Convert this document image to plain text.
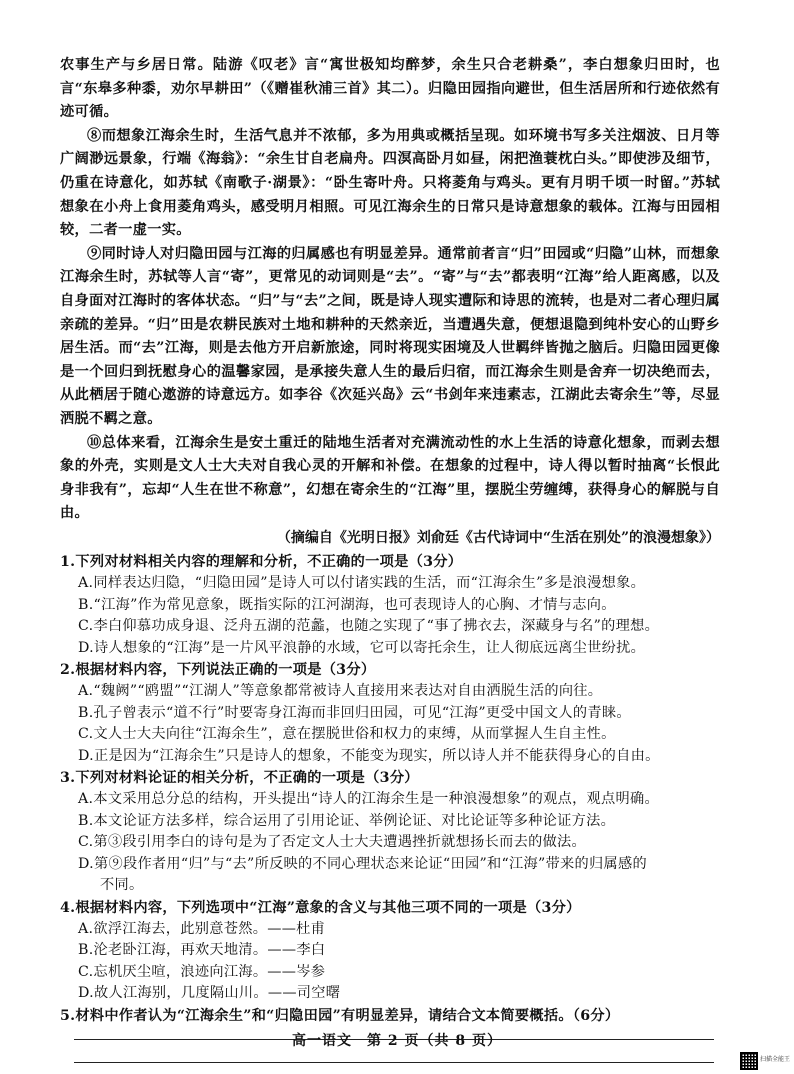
农事生产与乡居日常。陆游《叹老》言“寓世极知均醉梦，余生只合老耕桑”，李白想象归田时，也言“东皋多种黍，劝尔早耕田”（《赠崔秋浦三首》其二）。归隐田园指向避世，但生活居所和行迹依然有迹可循。

⑧而想象江海余生时，生活气息并不浓郁，多为用典或概括呈现。如环境书写多关注烟波、日月等广阔渺远景象，行端《海翁》：“余生甘自老扁舟。四溟高卧月如昼，闲把渔蓑枕白头。”即使涉及细节，仍重在诗意化，如苏轼《南歌子·湖景》：“卧生寄叶舟。只将菱角与鸡头。更有月明千顷一时留。”苏轼想象在小舟上食用菱角鸡头，感受明月相照。可见江海余生的日常只是诗意想象的载体。江海与田园相较，二者一虚一实。

⑨同时诗人对归隐田园与江海的归属感也有明显差异。通常前者言“归”田园或“归隐”山林，而想象江海余生时，苏轼等人言“寄”，更常见的动词则是“去”。“寄”与“去”都表明“江海”给人距离感，以及自身面对江海时的客体状态。“归”与“去”之间，既是诗人现实遭际和诗思的流转，也是对二者心理归属亲疏的差异。“归”田是农耕民族对土地和耕种的天然亲近，当遭遇失意，便想退隐到纯朴安心的山野乡居生活。而“去”江海，则是去他方开启新旅途，同时将现实困境及人世羁绊皆抛之脑后。归隐田园更像是一个回归到抚慰身心的温馨家园，是承接失意人生的最后归宿，而江海余生则是舍弃一切决绝而去，从此栖居于随心遨游的诗意远方。如李谷《次延兴岛》云“书剑年来违素志，江湖此去寄余生”等，尽显洒脱不羁之意。

⑩总体来看，江海余生是安土重迁的陆地生活者对充满流动性的水上生活的诗意化想象，而剥去想象的外壳，实则是文人士大夫对自我心灵的开解和补偿。在想象的过程中，诗人得以暂时抽离“长恨此身非我有”，忘却“人生在世不称意”，幻想在寄余生的“江海”里，摆脱尘劳缠缚，获得身心的解脱与自由。

（摘编自《光明日报》刘俞廷《古代诗词中“生活在别处”的浪漫想象》）

1.下列对材料相关内容的理解和分析，不正确的一项是（3分）

A.同样表达归隐，“归隐田园”是诗人可以付诸实践的生活，而“江海余生”多是浪漫想象。

B.“江海”作为常见意象，既指实际的江河湖海，也可表现诗人的心胸、才情与志向。

C.李白仰慕功成身退、泛舟五湖的范蠡，也随之实现了“事了拂衣去，深藏身与名”的理想。

D.诗人想象的“江海”是一片风平浪静的水域，它可以寄托余生，让人彻底远离尘世纷扰。

2.根据材料内容，下列说法正确的一项是（3分）

A.“魏阙”“鸥盟”“江湖人”等意象都常被诗人直接用来表达对自由洒脱生活的向往。

B.孔子曾表示“道不行”时要寄身江海而非回归田园，可见“江海”更受中国文人的青睐。

C.文人士大夫向往“江海余生”，意在摆脱世俗和权力的束缚，从而掌握人生自主性。

D.正是因为“江海余生”只是诗人的想象，不能变为现实，所以诗人并不能获得身心的自由。

3.下列对材料论证的相关分析，不正确的一项是（3分）

A.本文采用总分总的结构，开头提出“诗人的江海余生是一种浪漫想象”的观点，观点明确。

B.本文论证方法多样，综合运用了引用论证、举例论证、对比论证等多种论证方法。

C.第③段引用李白的诗句是为了否定文人士大夫遭遇挫折就想扬长而去的做法。

D.第⑨段作者用“归”与“去”所反映的不同心理状态来论证“田园”和“江海”带来的归属感的
不同。

4.根据材料内容，下列选项中“江海”意象的含义与其他三项不同的一项是（3分）

A.欲浮江海去，此别意苍然。——杜甫

B.沦老卧江海，再欢天地清。——李白

C.忘机厌尘喧，浪迹向江海。——岑参

D.故人江海别，几度隔山川。——司空曙

5.材料中作者认为“江海余生”和“归隐田园”有明显差异，请结合文本简要概括。（6分）

高一语文　第 2 页（共 8 页）
扫描全能王
